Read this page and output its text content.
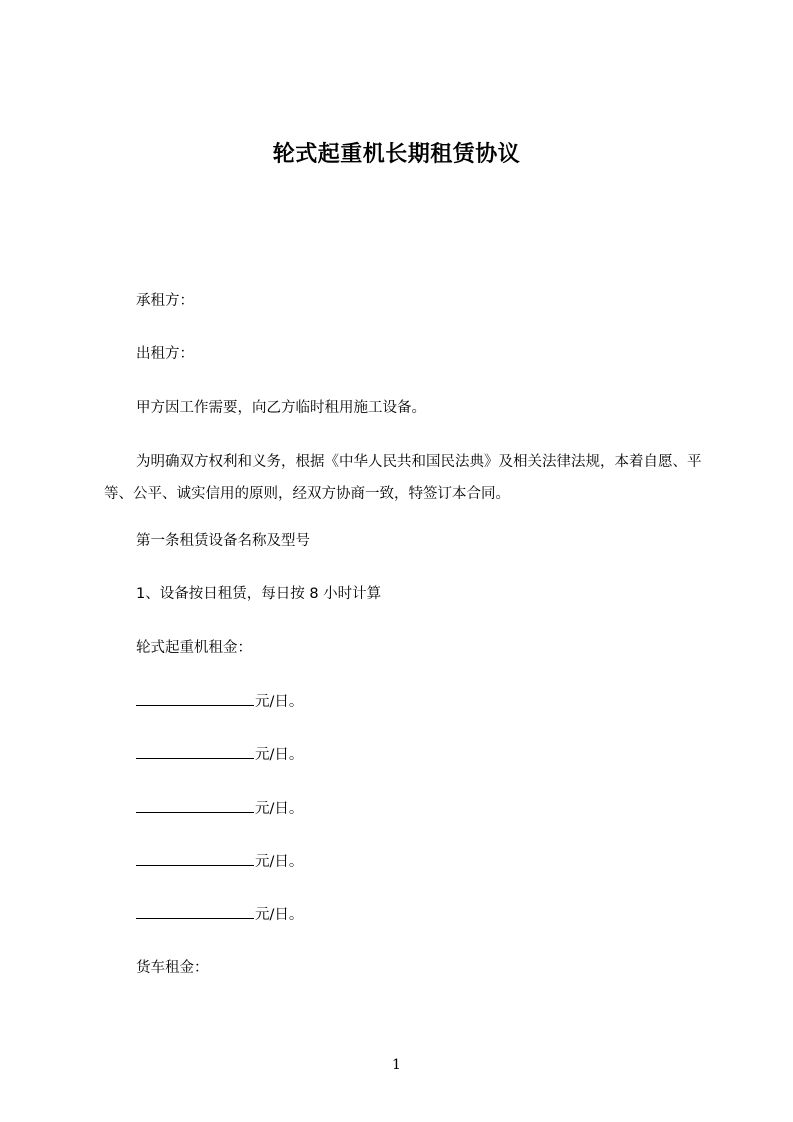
轮式起重机长期租赁协议
承租方：
出租方：
甲方因工作需要，向乙方临时租用施工设备。
为明确双方权利和义务，根据《中华人民共和国民法典》及相关法律法规，本着自愿、平等、公平、诚实信用的原则，经双方协商一致，特签订本合同。
第一条租赁设备名称及型号
1、设备按日租赁，每日按 8 小时计算
轮式起重机租金：
元/日。
元/日。
元/日。
元/日。
元/日。
货车租金：
1
